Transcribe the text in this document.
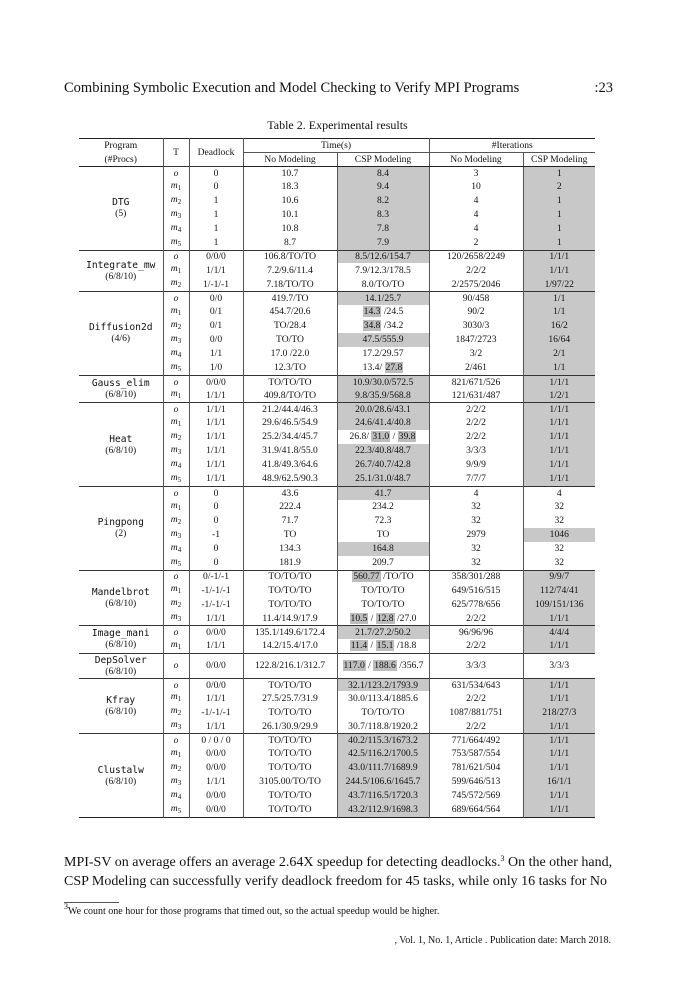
Combining Symbolic Execution and Model Checking to Verify MPI Programs	:23
Table 2. Experimental results
Program	T	Deadlock	Time(s)		#Iterations	
(#Procs)			No Modeling	CSP Modeling	No Modeling	CSP Modeling

DTG
(5)	o	0	10.7	8.4	3	1
	$m_1$	0	18.3	9.4	10	2
	$m_2$	1	10.6	8.2	4	1
	$m_3$	1	10.1	8.3	4	1
	$m_4$	1	10.8	7.8	4	1
	$m_5$	1	8.7	7.9	2	1

Integrate_mw
(6/8/10)	o	0/0/0	106.8/TO/TO	8.5/12.6/154.7	120/2658/2249	1/1/1
	$m_1$	1/1/1	7.2/9.6/11.4	7.9/12.3/178.5	2/2/2	1/1/1
	$m_2$	1/-1/-1	7.18/TO/TO	8.0/TO/TO	2/2575/2046	1/97/22

Diffusion2d
(4/6)	o	0/0	419.7/TO	14.1/25.7	90/458	1/1
	$m_1$	0/1	454.7/20.6	14.3 /24.5	90/2	1/1
	$m_2$	0/1	TO/28.4	34.8 /34.2	3030/3	16/2
	$m_3$	0/0	TO/TO	47.5/555.9	1847/2723	16/64
	$m_4$	1/1	17.0 /22.0	17.2/29.57	3/2	2/1
	$m_5$	1/0	12.3/TO	13.4/ 27.8	2/461	1/1

Gauss_elim
(6/8/10)	o	0/0/0	TO/TO/TO	10.9/30.0/572.5	821/671/526	1/1/1
	$m_1$	1/1/1	409.8/TO/TO	9.8/35.9/568.8	121/631/487	1/2/1

Heat
(6/8/10)	o	1/1/1	21.2/44.4/46.3	20.0/28.6/43.1	2/2/2	1/1/1
	$m_1$	1/1/1	29.6/46.5/54.9	24.6/41.4/40.8	2/2/2	1/1/1
	$m_2$	1/1/1	25.2/34.4/45.7	26.8/ 31.0 / 39.8	2/2/2	1/1/1
	$m_3$	1/1/1	31.9/41.8/55.0	22.3/40.8/48.7	3/3/3	1/1/1
	$m_4$	1/1/1	41.8/49.3/64.6	26.7/40.7/42.8	9/9/9	1/1/1
	$m_5$	1/1/1	48.9/62.5/90.3	25.1/31.0/48.7	7/7/7	1/1/1

Pingpong
(2)	o	0	43.6	41.7	4	4
	$m_1$	0	222.4	234.2	32	32
	$m_2$	0	71.7	72.3	32	32
	$m_3$	-1	TO	TO	2979	1046
	$m_4$	0	134.3	164.8	32	32
	$m_5$	0	181.9	209.7	32	32

Mandelbrot
(6/8/10)	o	0/-1/-1	TO/TO/TO	560.77 /TO/TO	358/301/288	9/9/7
	$m_1$	-1/-1/-1	TO/TO/TO	TO/TO/TO	649/516/515	112/74/41
	$m_2$	-1/-1/-1	TO/TO/TO	TO/TO/TO	625/778/656	109/151/136
	$m_3$	1/1/1	11.4/14.9/17.9	10.5 / 12.8 /27.0	2/2/2	1/1/1

Image_mani
(6/8/10)	o	0/0/0	135.1/149.6/172.4	21.7/27.2/50.2	96/96/96	4/4/4
	$m_1$	1/1/1	14.2/15.4/17.0	11.4 / 15.1 /18.8	2/2/2	1/1/1

DepSolver
(6/8/10)	o	0/0/0	122.8/216.1/312.7	117.0 / 188.6 /356.7	3/3/3	3/3/3

Kfray
(6/8/10)	o	0/0/0	TO/TO/TO	32.1/123.2/1793.9	631/534/643	1/1/1
	$m_1$	1/1/1	27.5/25.7/31.9	30.0/113.4/1885.6	2/2/2	1/1/1
	$m_2$	-1/-1/-1	TO/TO/TO	TO/TO/TO	1087/881/751	218/27/3
	$m_3$	1/1/1	26.1/30.9/29.9	30.7/118.8/1920.2	2/2/2	1/1/1

Clustalw
(6/8/10)	o	0 / 0 / 0	TO/TO/TO	40.2/115.3/1673.2	771/664/492	1/1/1
	$m_1$	0/0/0	TO/TO/TO	42.5/116.2/1700.5	753/587/554	1/1/1
	$m_2$	0/0/0	TO/TO/TO	43.0/111.7/1689.9	781/621/504	1/1/1
	$m_3$	1/1/1	3105.00/TO/TO	244.5/106.6/1645.7	599/646/513	16/1/1
	$m_4$	0/0/0	TO/TO/TO	43.7/116.5/1720.3	745/572/569	1/1/1
	$m_5$	0/0/0	TO/TO/TO	43.2/112.9/1698.3	689/664/564	1/1/1
MPI-SV on average offers an average 2.64X speedup for detecting deadlocks.$^3$ On the other hand,
CSP Modeling can successfully verify deadlock freedom for 45 tasks, while only 16 tasks for No
$^3$We count one hour for those programs that timed out, so the actual speedup would be higher.
, Vol. 1, No. 1, Article . Publication date: March 2018.
